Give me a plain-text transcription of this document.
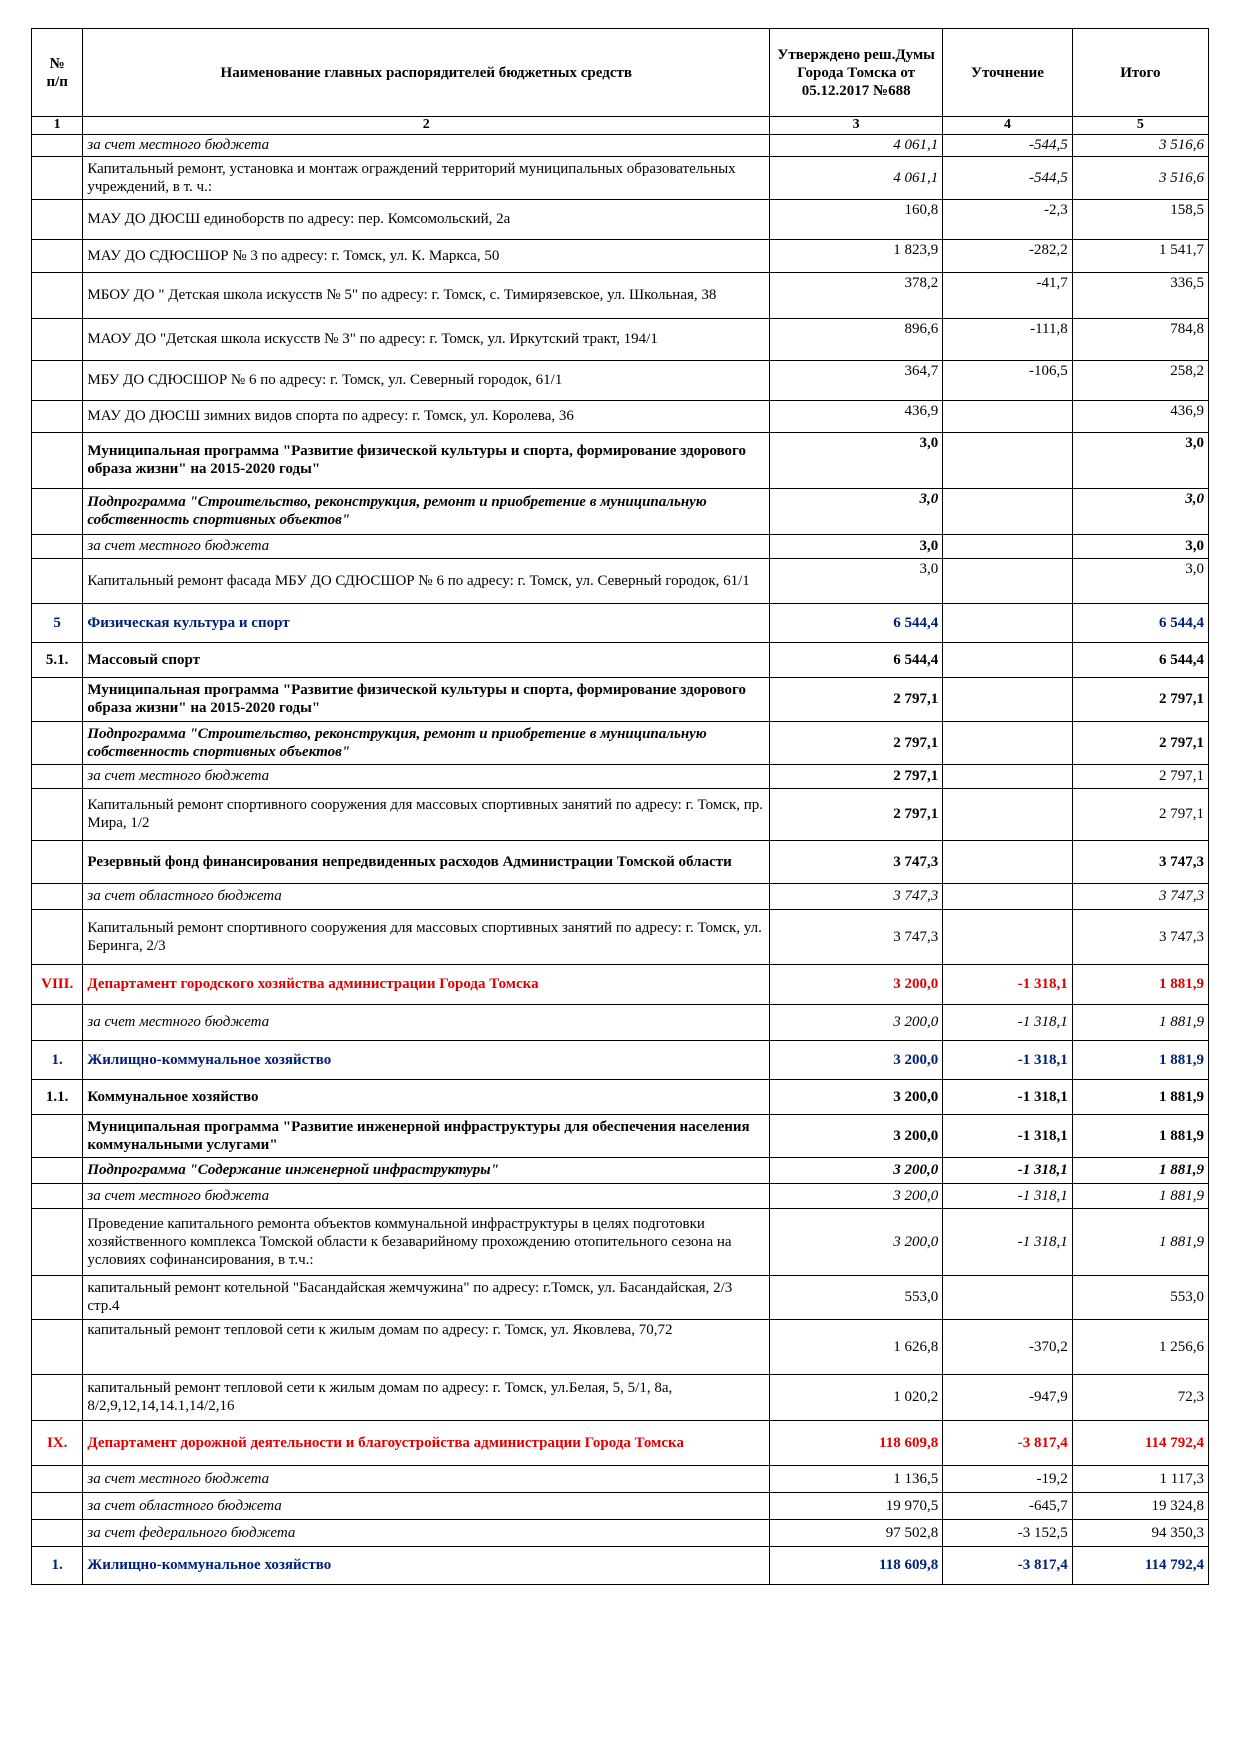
№
п/п	Наименование главных распорядителей бюджетных средств	Утверждено реш.Думы Города Томска от 05.12.2017 №688	Уточнение	Итого
1	2	3	4	5
	за счет местного бюджета	4 061,1	-544,5	3 516,6
	Капитальный ремонт, установка и монтаж ограждений территорий муниципальных образовательных учреждений, в т. ч.:	4 061,1	-544,5	3 516,6
	МАУ ДО ДЮСШ единоборств по адресу: пер. Комсомольский, 2а	160,8	-2,3	158,5
	МАУ ДО СДЮСШОР № 3 по адресу: г. Томск, ул. К. Маркса, 50	1 823,9	-282,2	1 541,7
	МБОУ ДО " Детская школа искусств № 5" по адресу: г. Томск, с. Тимирязевское, ул. Школьная, 38	378,2	-41,7	336,5
	МАОУ ДО "Детская школа искусств № 3" по адресу: г. Томск, ул. Иркутский тракт, 194/1	896,6	-111,8	784,8
	МБУ ДО СДЮСШОР № 6 по адресу: г. Томск, ул. Северный городок, 61/1	364,7	-106,5	258,2
	МАУ ДО ДЮСШ зимних видов спорта по адресу: г. Томск, ул. Королева, 36	436,9		436,9
	Муниципальная программа "Развитие физической культуры и спорта, формирование здорового образа жизни" на 2015-2020 годы"	3,0		3,0
	Подпрограмма "Строительство, реконструкция, ремонт и приобретение в муниципальную собственность спортивных объектов"	3,0		3,0
	за счет местного бюджета	3,0		3,0
	Капитальный ремонт фасада МБУ ДО СДЮСШОР № 6 по адресу: г. Томск, ул. Северный городок, 61/1	3,0		3,0
5	Физическая культура и спорт	6 544,4		6 544,4
5.1.	Массовый спорт	6 544,4		6 544,4
	Муниципальная программа "Развитие физической культуры и спорта, формирование здорового образа жизни" на 2015-2020 годы"	2 797,1		2 797,1
	Подпрограмма "Строительство, реконструкция, ремонт и приобретение в муниципальную собственность спортивных объектов"	2 797,1		2 797,1
	за счет местного бюджета	2 797,1		2 797,1
	Капитальный ремонт спортивного сооружения для массовых спортивных занятий по адресу: г. Томск, пр. Мира, 1/2	2 797,1		2 797,1
	Резервный фонд финансирования непредвиденных расходов Администрации Томской области	3 747,3		3 747,3
	за счет областного бюджета	3 747,3		3 747,3
	Капитальный ремонт спортивного сооружения для массовых спортивных занятий по адресу: г. Томск, ул. Беринга, 2/3	3 747,3		3 747,3
VIII.	Департамент городского хозяйства администрации Города Томска	3 200,0	-1 318,1	1 881,9
	за счет местного бюджета	3 200,0	-1 318,1	1 881,9
1.	Жилищно-коммунальное хозяйство	3 200,0	-1 318,1	1 881,9
1.1.	Коммунальное хозяйство	3 200,0	-1 318,1	1 881,9
	Муниципальная программа "Развитие инженерной инфраструктуры для обеспечения населения коммунальными услугами"	3 200,0	-1 318,1	1 881,9
	Подпрограмма "Содержание инженерной инфраструктуры"	3 200,0	-1 318,1	1 881,9
	за счет местного бюджета	3 200,0	-1 318,1	1 881,9
	Проведение капитального ремонта объектов коммунальной инфраструктуры в целях подготовки хозяйственного комплекса Томской области к безаварийному прохождению отопительного сезона на условиях софинансирования, в т.ч.:	3 200,0	-1 318,1	1 881,9
	капитальный ремонт котельной "Басандайская жемчужина" по адресу: г.Томск, ул. Басандайская, 2/3 стр.4	553,0		553,0
	капитальный ремонт тепловой сети к жилым домам по адресу: г. Томск, ул. Яковлева, 70,72	1 626,8	-370,2	1 256,6
	капитальный ремонт тепловой сети к жилым домам по адресу: г. Томск, ул.Белая, 5, 5/1, 8а, 8/2,9,12,14,14.1,14/2,16	1 020,2	-947,9	72,3
IX.	Департамент дорожной деятельности и благоустройства администрации Города Томска	118 609,8	-3 817,4	114 792,4
	за счет местного бюджета	1 136,5	-19,2	1 117,3
	за счет областного бюджета	19 970,5	-645,7	19 324,8
	за счет федерального бюджета	97 502,8	-3 152,5	94 350,3
1.	Жилищно-коммунальное хозяйство	118 609,8	-3 817,4	114 792,4
